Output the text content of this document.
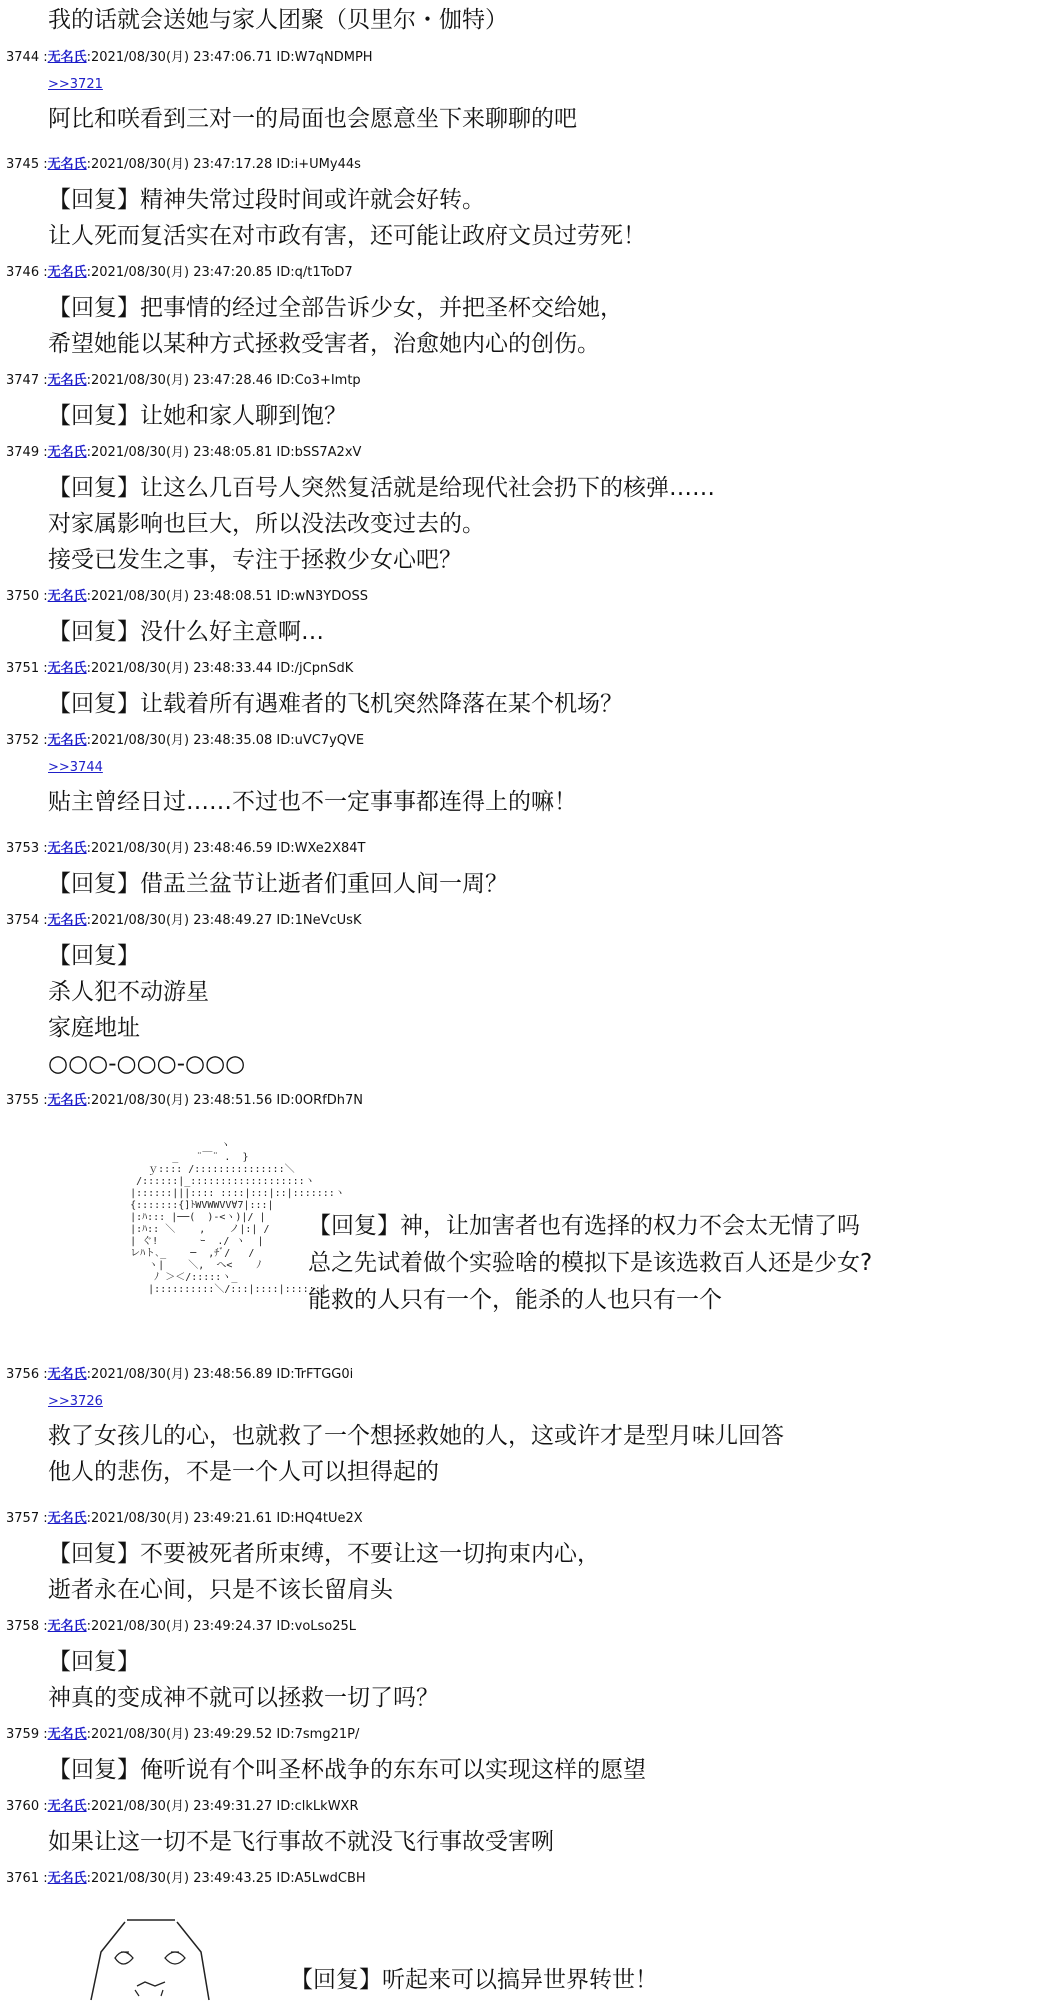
我的话就会送她与家人团聚（贝里尔・伽特）
3744 :无名氏:2021/08/30(月) 23:47:06.71 ID:W7qNDMPH
>>3721
阿比和咲看到三对一的局面也会愿意坐下来聊聊的吧
3745 :无名氏:2021/08/30(月) 23:47:17.28 ID:i+UMy44s
【回复】精神失常过段时间或许就会好转。
让人死而复活实在对市政有害，还可能让政府文员过劳死！
3746 :无名氏:2021/08/30(月) 23:47:20.85 ID:q/t1ToD7
【回复】把事情的经过全部告诉少女，并把圣杯交给她，
希望她能以某种方式拯救受害者，治愈她内心的创伤。
3747 :无名氏:2021/08/30(月) 23:47:28.46 ID:Co3+Imtp
【回复】让她和家人聊到饱？
3749 :无名氏:2021/08/30(月) 23:48:05.81 ID:bSS7A2xV
【回复】让这么几百号人突然复活就是给现代社会扔下的核弹……
对家属影响也巨大，所以没法改变过去的。
接受已发生之事，专注于拯救少女心吧？
3750 :无名氏:2021/08/30(月) 23:48:08.51 ID:wN3YDOSS
【回复】没什么好主意啊…
3751 :无名氏:2021/08/30(月) 23:48:33.44 ID:/jCpnSdK
【回复】让载着所有遇难者的飞机突然降落在某个机场？
3752 :无名氏:2021/08/30(月) 23:48:35.08 ID:uVC7yQVE
>>3744
贴主曾经日过……不过也不一定事事都连得上的嘛！
3753 :无名氏:2021/08/30(月) 23:48:46.59 ID:WXe2X84T
【回复】借盂兰盆节让逝者们重回人间一周？
3754 :无名氏:2021/08/30(月) 23:48:49.27 ID:1NeVcUsK
【回复】
杀人犯不动游星
家庭地址
○○○-○○○-○○○
3755 :无名氏:2021/08/30(月) 23:48:51.56 ID:0ORfDh7N
ヽ
_   ¨￣¨ .  }
ｙ:::: /:::::::::::::::＼
/::::::|_:::::::::::::::::::ヽ
|::::::|||:::: ::::|:::|::|:::::::ヽ
{:::::::{]ﾄWVWWVV∀7|:::|
|:ﾊ::: |──(  )-<ヽ)|/ |
|:ﾊ:: ＼    ,    ノ|:| /
| ぐ!       ｰ  ./ ヽ  |
レﾊト､_    ─  ,ﾁﾞ/   /
ヽ|    ＼,  へ<    ﾉ
ﾉ ＞＜/:::::ヽ_
|::::::::::＼/:::|::::|::::::|
【回复】神，让加害者也有选择的权力不会太无情了吗
总之先试着做个实验啥的模拟下是该选救百人还是少女?
能救的人只有一个，能杀的人也只有一个
3756 :无名氏:2021/08/30(月) 23:48:56.89 ID:TrFTGG0i
>>3726
救了女孩儿的心，也就救了一个想拯救她的人，这或许才是型月味儿回答
他人的悲伤，不是一个人可以担得起的
3757 :无名氏:2021/08/30(月) 23:49:21.61 ID:HQ4tUe2X
【回复】不要被死者所束缚，不要让这一切拘束内心，
逝者永在心间，只是不该长留肩头
3758 :无名氏:2021/08/30(月) 23:49:24.37 ID:voLso25L
【回复】
神真的变成神不就可以拯救一切了吗？
3759 :无名氏:2021/08/30(月) 23:49:29.52 ID:7smg21P/
【回复】俺听说有个叫圣杯战争的东东可以实现这样的愿望
3760 :无名氏:2021/08/30(月) 23:49:31.27 ID:clkLkWXR
如果让这一切不是飞行事故不就没飞行事故受害咧
3761 :无名氏:2021/08/30(月) 23:49:43.25 ID:A5LwdCBH
【回复】听起来可以搞异世界转世！
